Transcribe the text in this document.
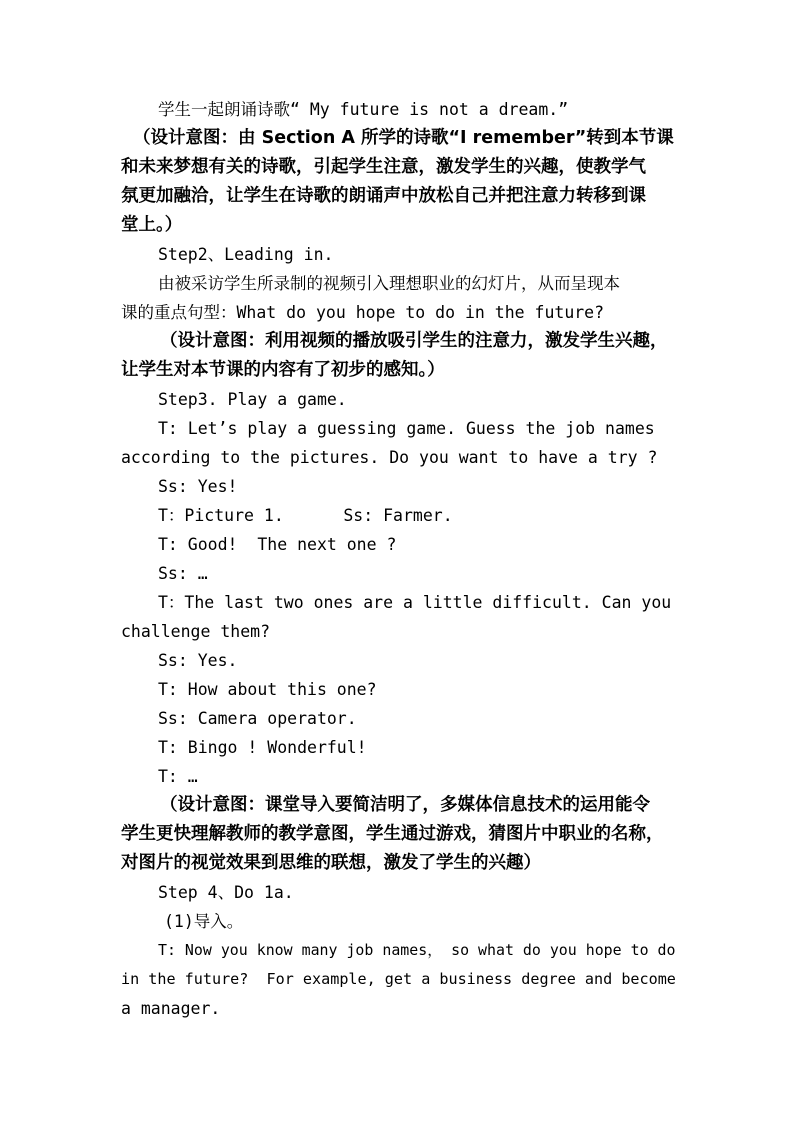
学生一起朗诵诗歌“ My future is not a dream.”
（设计意图：由 Section A 所学的诗歌“I remember”转到本节课
和未来梦想有关的诗歌，引起学生注意，激发学生的兴趣，使教学气
氛更加融洽，让学生在诗歌的朗诵声中放松自己并把注意力转移到课
堂上。）
Step2、Leading in.
由被采访学生所录制的视频引入理想职业的幻灯片，从而呈现本
课的重点句型：What do you hope to do in the future?
（设计意图：利用视频的播放吸引学生的注意力，激发学生兴趣，
让学生对本节课的内容有了初步的感知。）
Step3. Play a game.
T: Let’s play a guessing game. Guess the job names
according to the pictures. Do you want to have a try ?
Ss: Yes!
T：Picture 1.      Ss: Farmer.
T: Good!  The next one ?
Ss: …
T：The last two ones are a little difficult. Can you
challenge them?
Ss: Yes.
T: How about this one?
Ss: Camera operator.
T: Bingo ! Wonderful!
T: …
（设计意图：课堂导入要简洁明了，多媒体信息技术的运用能令
学生更快理解教师的教学意图，学生通过游戏，猜图片中职业的名称，
对图片的视觉效果到思维的联想，激发了学生的兴趣）
Step 4、Do 1a.
(1)导入。
T: Now you know many job names， so what do you hope to do
in the future?  For example, get a business degree and become
a manager.
